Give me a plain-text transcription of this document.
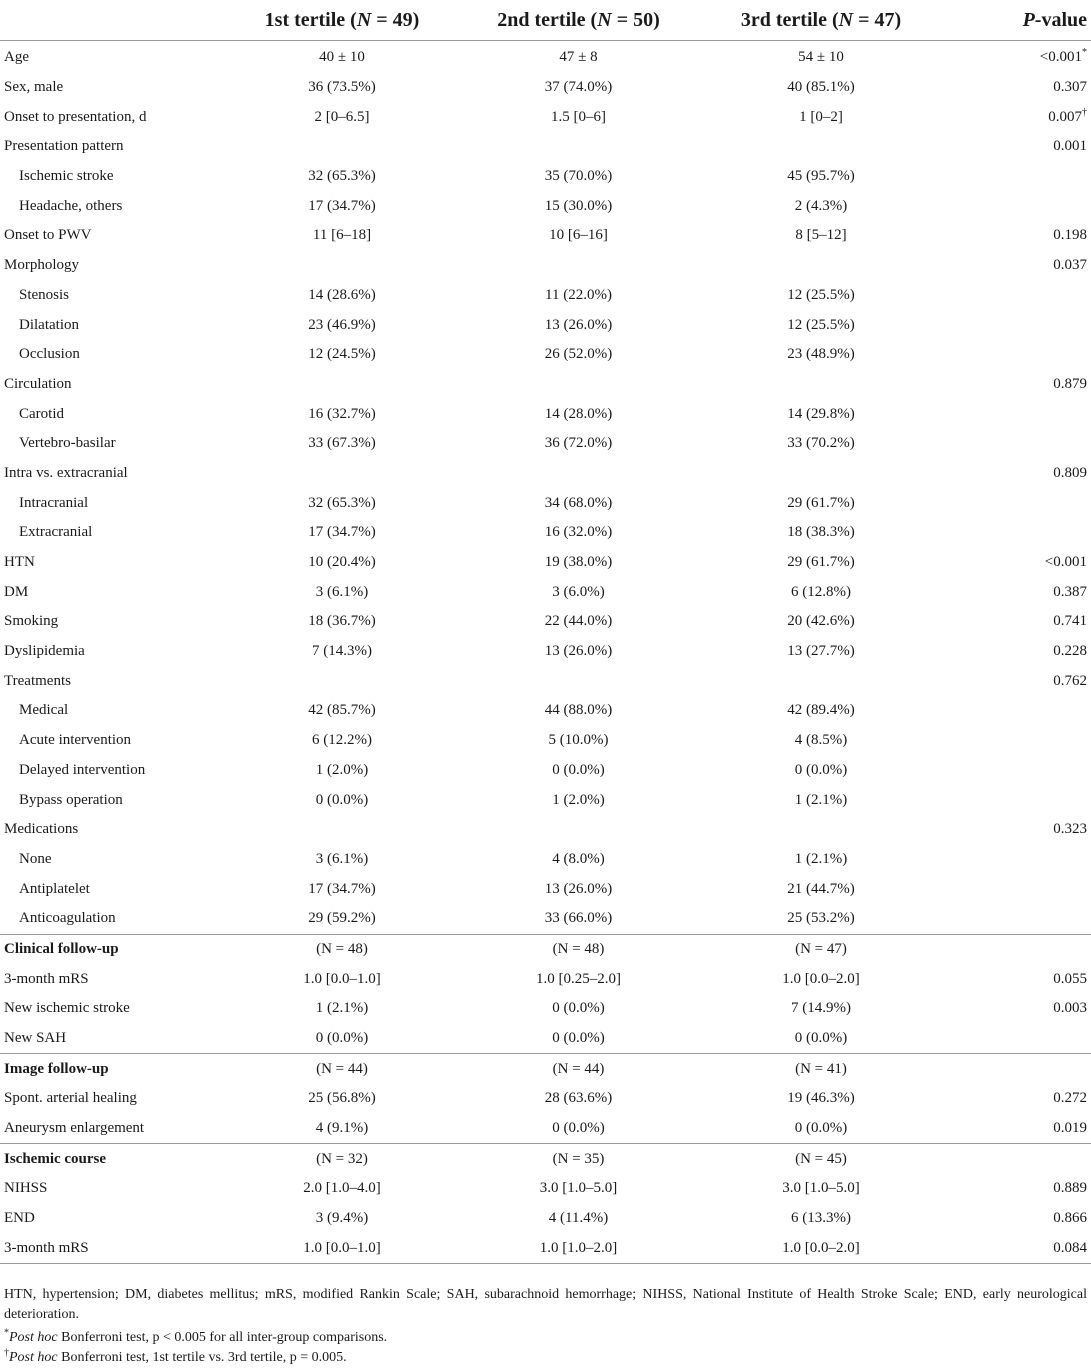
	1st tertile (N = 49)	2nd tertile (N = 50)	3rd tertile (N = 47)	P-value
Age	40 ± 10	47 ± 8	54 ± 10	<0.001*
Sex, male	36 (73.5%)	37 (74.0%)	40 (85.1%)	0.307
Onset to presentation, d	2 [0–6.5]	1.5 [0–6]	1 [0–2]	0.007†
Presentation pattern				0.001
Ischemic stroke	32 (65.3%)	35 (70.0%)	45 (95.7%)	
Headache, others	17 (34.7%)	15 (30.0%)	2 (4.3%)	
Onset to PWV	11 [6–18]	10 [6–16]	8 [5–12]	0.198
Morphology				0.037
Stenosis	14 (28.6%)	11 (22.0%)	12 (25.5%)	
Dilatation	23 (46.9%)	13 (26.0%)	12 (25.5%)	
Occlusion	12 (24.5%)	26 (52.0%)	23 (48.9%)	
Circulation				0.879
Carotid	16 (32.7%)	14 (28.0%)	14 (29.8%)	
Vertebro-basilar	33 (67.3%)	36 (72.0%)	33 (70.2%)	
Intra vs. extracranial				0.809
Intracranial	32 (65.3%)	34 (68.0%)	29 (61.7%)	
Extracranial	17 (34.7%)	16 (32.0%)	18 (38.3%)	
HTN	10 (20.4%)	19 (38.0%)	29 (61.7%)	<0.001
DM	3 (6.1%)	3 (6.0%)	6 (12.8%)	0.387
Smoking	18 (36.7%)	22 (44.0%)	20 (42.6%)	0.741
Dyslipidemia	7 (14.3%)	13 (26.0%)	13 (27.7%)	0.228
Treatments				0.762
Medical	42 (85.7%)	44 (88.0%)	42 (89.4%)	
Acute intervention	6 (12.2%)	5 (10.0%)	4 (8.5%)	
Delayed intervention	1 (2.0%)	0 (0.0%)	0 (0.0%)	
Bypass operation	0 (0.0%)	1 (2.0%)	1 (2.1%)	
Medications				0.323
None	3 (6.1%)	4 (8.0%)	1 (2.1%)	
Antiplatelet	17 (34.7%)	13 (26.0%)	21 (44.7%)	
Anticoagulation	29 (59.2%)	33 (66.0%)	25 (53.2%)	
Clinical follow-up	(N = 48)	(N = 48)	(N = 47)	
3-month mRS	1.0 [0.0–1.0]	1.0 [0.25–2.0]	1.0 [0.0–2.0]	0.055
New ischemic stroke	1 (2.1%)	0 (0.0%)	7 (14.9%)	0.003
New SAH	0 (0.0%)	0 (0.0%)	0 (0.0%)	
Image follow-up	(N = 44)	(N = 44)	(N = 41)	
Spont. arterial healing	25 (56.8%)	28 (63.6%)	19 (46.3%)	0.272
Aneurysm enlargement	4 (9.1%)	0 (0.0%)	0 (0.0%)	0.019
Ischemic course	(N = 32)	(N = 35)	(N = 45)	
NIHSS	2.0 [1.0–4.0]	3.0 [1.0–5.0]	3.0 [1.0–5.0]	0.889
END	3 (9.4%)	4 (11.4%)	6 (13.3%)	0.866
3-month mRS	1.0 [0.0–1.0]	1.0 [1.0–2.0]	1.0 [0.0–2.0]	0.084
HTN, hypertension; DM, diabetes mellitus; mRS, modified Rankin Scale; SAH, subarachnoid hemorrhage; NIHSS, National Institute of Health Stroke Scale; END, early neurological deterioration.
*Post hoc Bonferroni test, p < 0.005 for all inter-group comparisons.
†Post hoc Bonferroni test, 1st tertile vs. 3rd tertile, p = 0.005.
